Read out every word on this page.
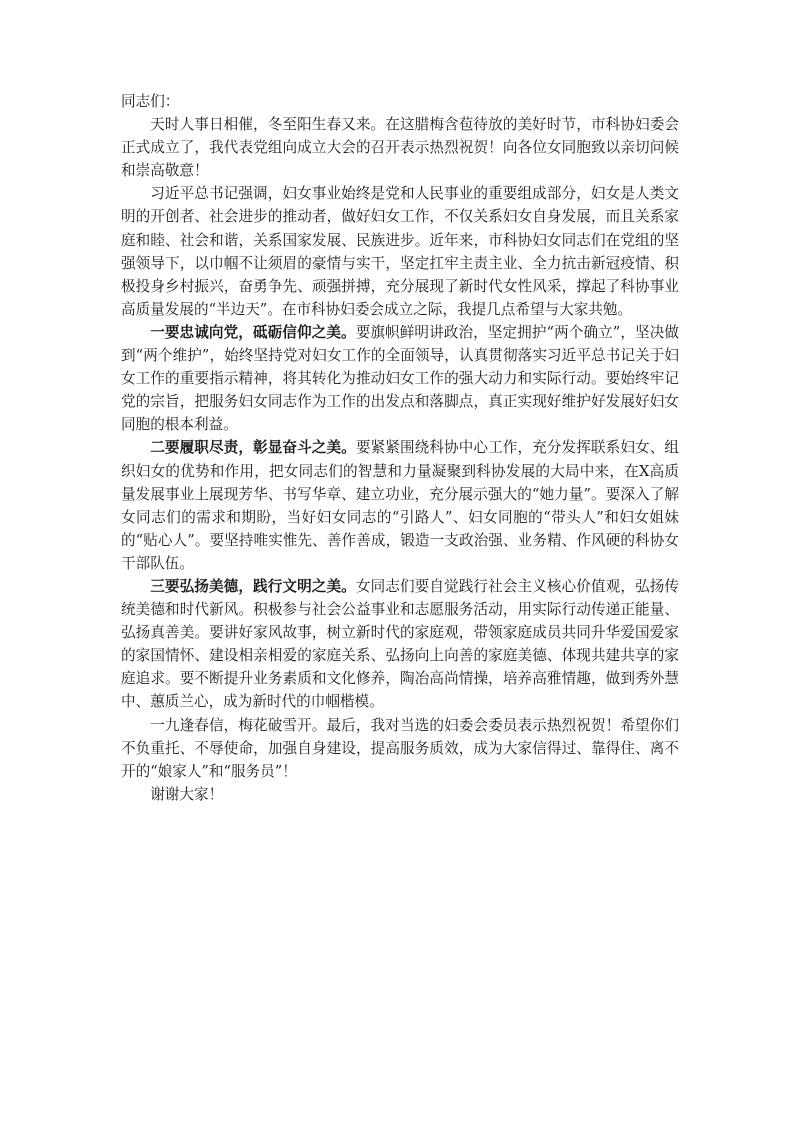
同志们：

天时人事日相催，冬至阳生春又来。在这腊梅含苞待放的美好时节，市科协妇委会正式成立了，我代表党组向成立大会的召开表示热烈祝贺！向各位女同胞致以亲切问候和崇高敬意！

习近平总书记强调，妇女事业始终是党和人民事业的重要组成部分，妇女是人类文明的开创者、社会进步的推动者，做好妇女工作，不仅关系妇女自身发展，而且关系家庭和睦、社会和谐，关系国家发展、民族进步。近年来，市科协妇女同志们在党组的坚强领导下，以巾帼不让须眉的豪情与实干，坚定扛牢主责主业、全力抗击新冠疫情、积极投身乡村振兴，奋勇争先、顽强拼搏，充分展现了新时代女性风采，撑起了科协事业高质量发展的“半边天”。在市科协妇委会成立之际，我提几点希望与大家共勉。

一要忠诚向党，砥砺信仰之美。要旗帜鲜明讲政治，坚定拥护“两个确立”，坚决做到“两个维护”，始终坚持党对妇女工作的全面领导，认真贯彻落实习近平总书记关于妇女工作的重要指示精神，将其转化为推动妇女工作的强大动力和实际行动。要始终牢记党的宗旨，把服务妇女同志作为工作的出发点和落脚点，真正实现好维护好发展好妇女同胞的根本利益。

二要履职尽责，彰显奋斗之美。要紧紧围绕科协中心工作，充分发挥联系妇女、组织妇女的优势和作用，把女同志们的智慧和力量凝聚到科协发展的大局中来，在X高质量发展事业上展现芳华、书写华章、建立功业，充分展示强大的“她力量”。要深入了解女同志们的需求和期盼，当好妇女同志的“引路人”、妇女同胞的“带头人”和妇女姐妹的“贴心人”。要坚持唯实惟先、善作善成，锻造一支政治强、业务精、作风硬的科协女干部队伍。

三要弘扬美德，践行文明之美。女同志们要自觉践行社会主义核心价值观，弘扬传统美德和时代新风。积极参与社会公益事业和志愿服务活动，用实际行动传递正能量、弘扬真善美。要讲好家风故事，树立新时代的家庭观，带领家庭成员共同升华爱国爱家的家国情怀、建设相亲相爱的家庭关系、弘扬向上向善的家庭美德、体现共建共享的家庭追求。要不断提升业务素质和文化修养，陶冶高尚情操，培养高雅情趣，做到秀外慧中、蕙质兰心，成为新时代的巾帼楷模。

一九逢春信，梅花破雪开。最后，我对当选的妇委会委员表示热烈祝贺！希望你们不负重托、不辱使命，加强自身建设，提高服务质效，成为大家信得过、靠得住、离不开的“娘家人”和“服务员”！

谢谢大家！
